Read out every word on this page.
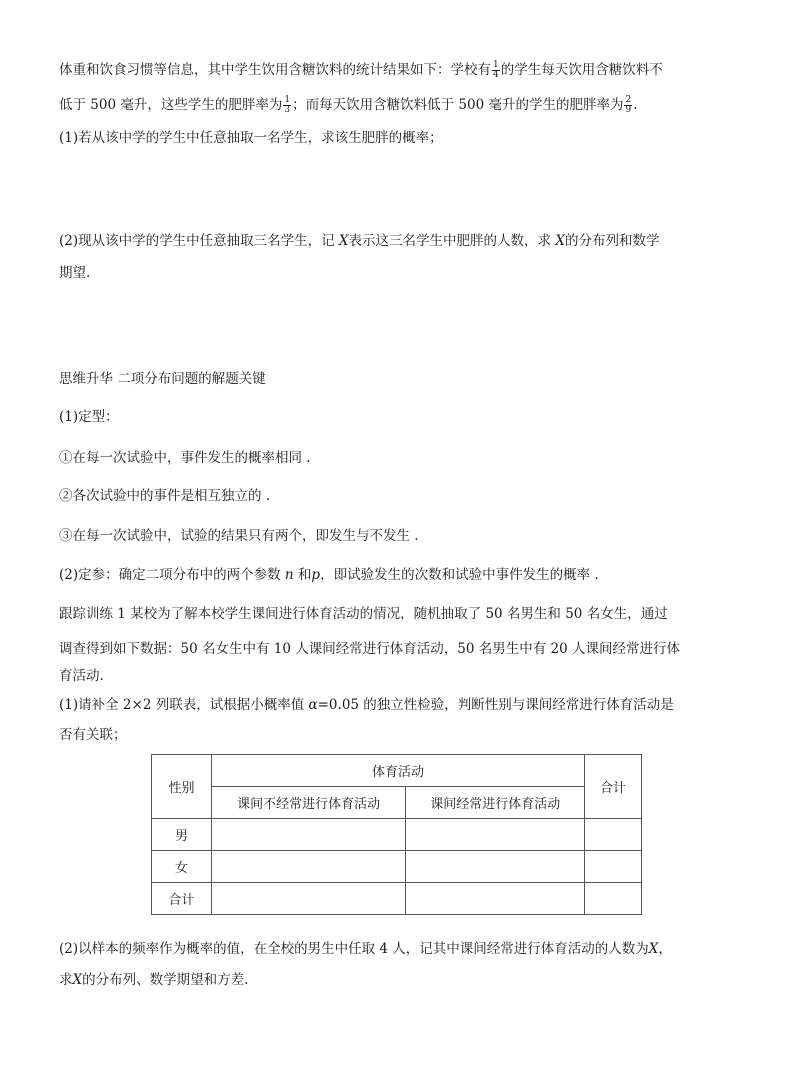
体重和饮食习惯等信息，其中学生饮用含糖饮料的统计结果如下：学校有 $\frac{1}{4}$ 的学生每天饮用含糖饮料不
低于 500 毫升，这些学生的肥胖率为 $\frac{1}{3}$ ；而每天饮用含糖饮料低于 500 毫升的学生的肥胖率为 $\frac{2}{9}$ .
(1)若从该中学的学生中任意抽取一名学生，求该生肥胖的概率；
(2)现从该中学的学生中任意抽取三名学生，记 X表示这三名学生中肥胖的人数，求 X的分布列和数学
期望.
思维升华 二项分布问题的解题关键
(1)定型：
①在每一次试验中，事件发生的概率相同 .
②各次试验中的事件是相互独立的 .
③在每一次试验中，试验的结果只有两个，即发生与不发生 .
(2)定参：确定二项分布中的两个参数 n 和p，即试验发生的次数和试验中事件发生的概率 .
跟踪训练 1 某校为了解本校学生课间进行体育活动的情况，随机抽取了 50 名男生和 50 名女生，通过
调查得到如下数据：50 名女生中有 10 人课间经常进行体育活动，50 名男生中有 20 人课间经常进行体
育活动.
(1)请补全 2×2 列联表，试根据小概率值 α=0.05 的独立性检验，判断性别与课间经常进行体育活动是
否有关联；
性别	体育活动		合计
	课间不经常进行体育活动	课间经常进行体育活动	
男			
女			
合计			
(2)以样本的频率作为概率的值，在全校的男生中任取 4 人，记其中课间经常进行体育活动的人数为X，
求X的分布列、数学期望和方差.
